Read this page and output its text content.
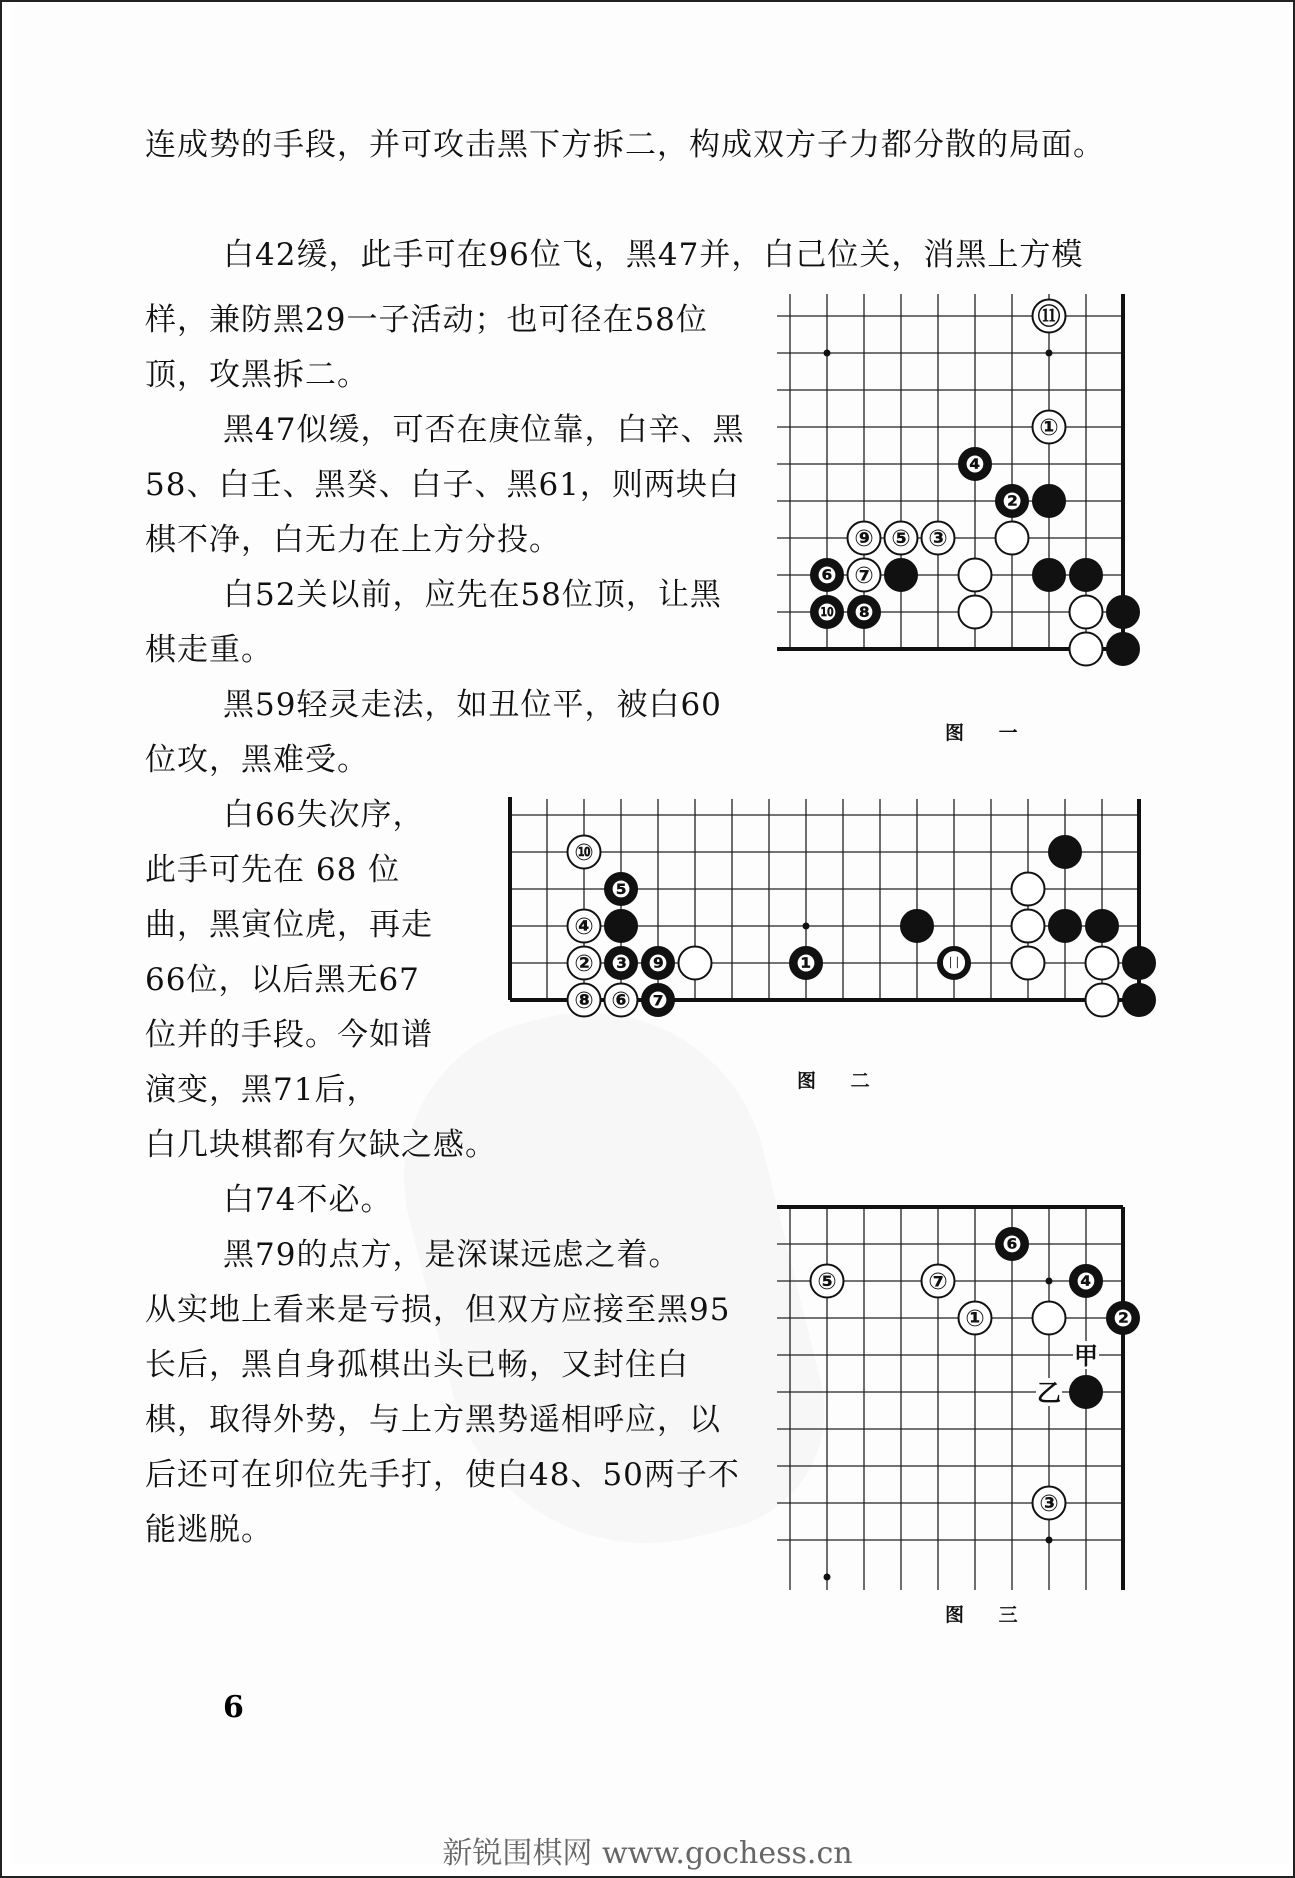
连成势的手段，并可攻击黑下方拆二，构成双方子力都分散的局面。

白42缓，此手可在96位飞，黑47并，白己位关，消黑上方模

样，兼防黑29一子活动；也可径在58位顶，攻黑拆二。

黑47似缓，可否在庚位靠，白辛、黑58、白壬、黑癸、白子、黑61，则两块白棋不净，白无力在上方分投。

白52关以前，应先在58位顶，让黑棋走重。

黑59轻灵走法，如丑位平，被白60位攻，黑难受。

白66失次序，此手可先在 68 位曲，黑寅位虎，再走66位，以后黑无67位并的手段。今如谱演变，黑71后，

白几块棋都有欠缺之感。

白74不必。

黑79的点方，是深谋远虑之着。

从实地上看来是亏损，但双方应接至黑95长后，黑自身孤棋出头已畅，又封住白棋，取得外势，与上方黑势遥相呼应，以后还可在卯位先手打，使白48、50两子不能逃脱。

⑪
①
❹
❷
⑨ ⑤ ③
❻ ⑦
❿ ❽

图 一

⑩
❺
④
② ❸ ❾	❶	⓫
⑧ ⑥ ❼

图 二

❻
⑤	⑦	❹
①	❷
③
甲
乙

图 三

6

新锐围棋网 www.gochess.cn
